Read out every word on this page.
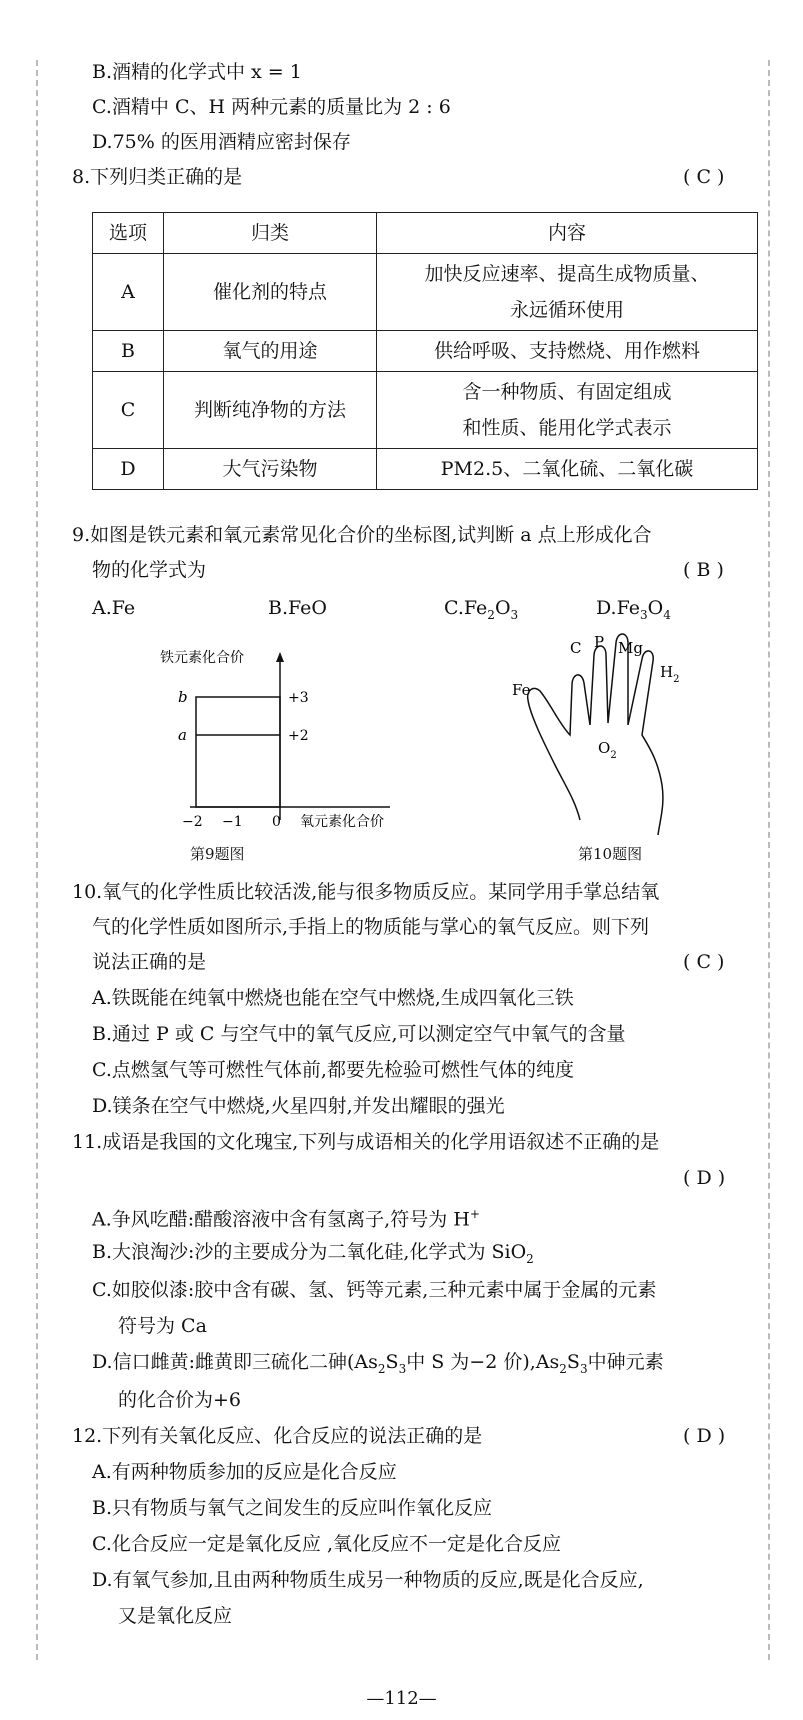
B.酒精的化学式中 x = 1
C.酒精中 C、H 两种元素的质量比为 2 : 6
D.75% 的医用酒精应密封保存
8.下列归类正确的是	( C )
选项	归类	内容
A	催化剂的特点	加快反应速率、提高生成物质量、
永远循环使用

B	氧气的用途	供给呼吸、支持燃烧、用作燃料
C	判断纯净物的方法	含一种物质、有固定组成
和性质、能用化学式表示

D	大气污染物	PM2.5、二氧化硫、二氧化碳
9.如图是铁元素和氧元素常见化合价的坐标图,试判断 a 点上形成化合
物的化学式为	( B )
A.Fe	B.FeO	$C.Fe_2O_3$	$D.Fe_3O_4$
铁元素化合价
b
a
+3
+2
−2 −1 0 氧元素化合价
第9题图
C P Mg
$H_2$
Fe
$O_2$
第10题图
10.氧气的化学性质比较活泼,能与很多物质反应。某同学用手掌总结氧
气的化学性质如图所示,手指上的物质能与掌心的氧气反应。则下列
说法正确的是	( C )
A.铁既能在纯氧中燃烧也能在空气中燃烧,生成四氧化三铁
B.通过 P 或 C 与空气中的氧气反应,可以测定空气中氧气的含量
C.点燃氢气等可燃性气体前,都要先检验可燃性气体的纯度
D.镁条在空气中燃烧,火星四射,并发出耀眼的强光
11.成语是我国的文化瑰宝,下列与成语相关的化学用语叙述不正确的是
( D )
A.争风吃醋:醋酸溶液中含有氢离子,符号为 H+
B.大浪淘沙:沙的主要成分为二氧化硅,化学式为 SiO$_2$
C.如胶似漆:胶中含有碳、氢、钙等元素,三种元素中属于金属的元素
符号为 Ca
D.信口雌黄:雌黄即三硫化二砷($As_2S_3$中 S 为−2 价)$,As_2S_3$中砷元素
的化合价为+6
12.下列有关氧化反应、化合反应的说法正确的是	( D )
A.有两种物质参加的反应是化合反应
B.只有物质与氧气之间发生的反应叫作氧化反应
C.化合反应一定是氧化反应 ,氧化反应不一定是化合反应
D.有氧气参加,且由两种物质生成另一种物质的反应,既是化合反应,
又是氧化反应
—112—
